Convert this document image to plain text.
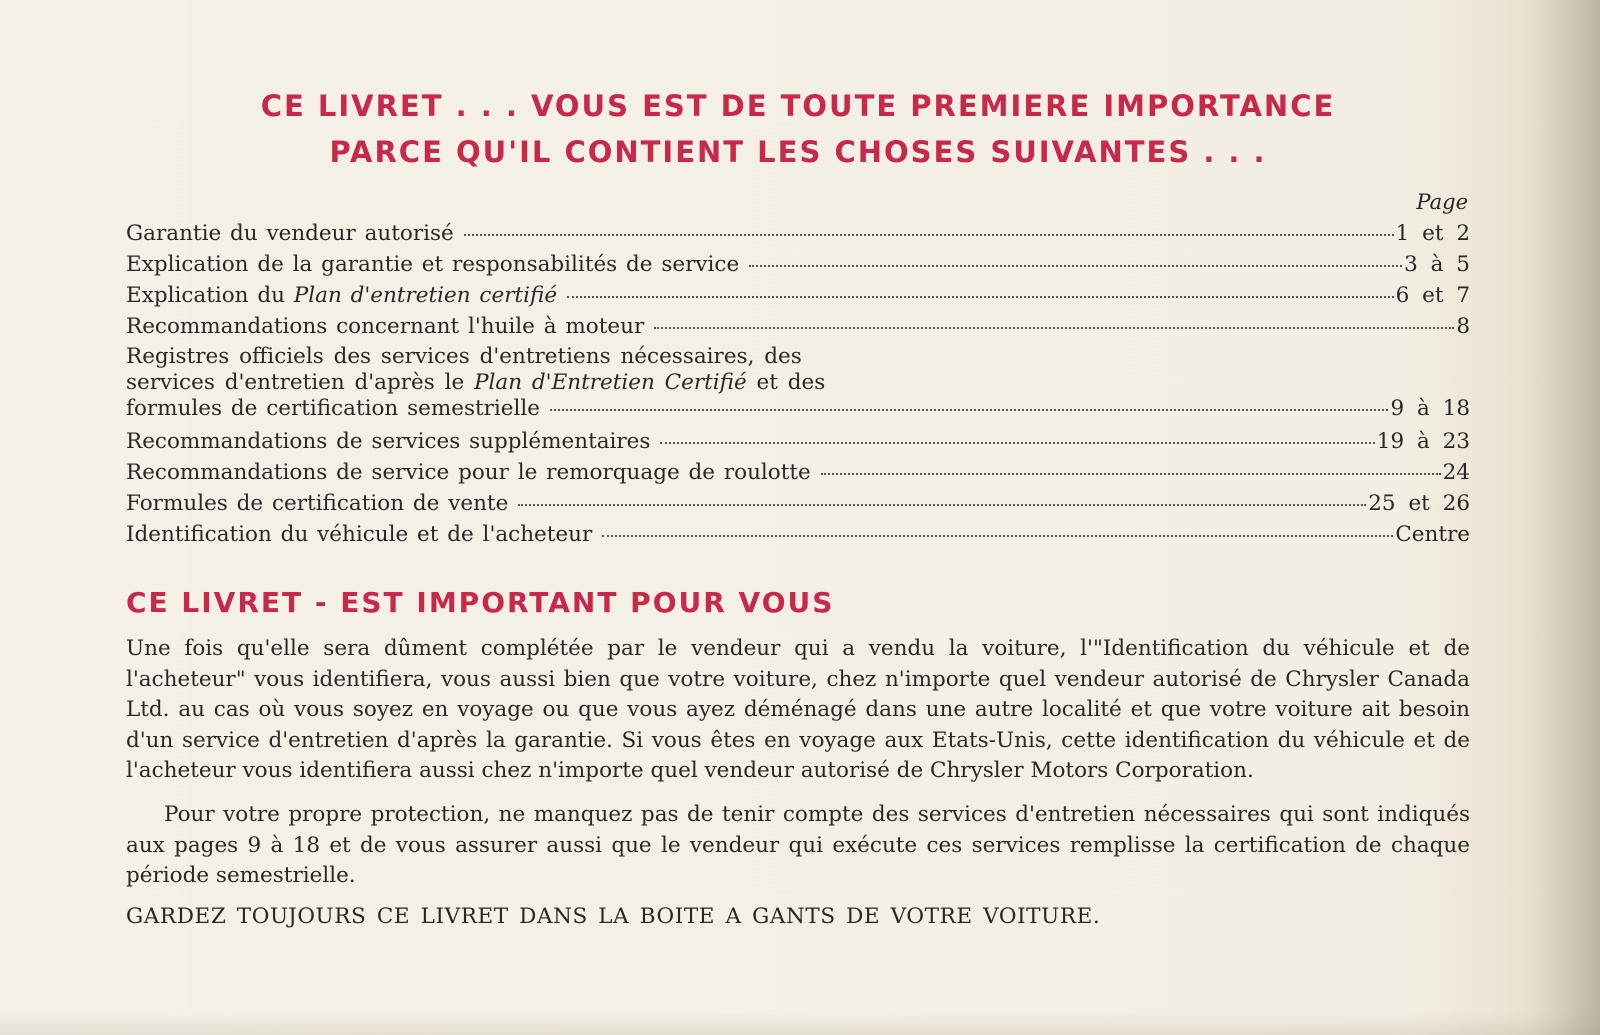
CE LIVRET . . . VOUS EST DE TOUTE PREMIERE IMPORTANCE
PARCE QU'IL CONTIENT LES CHOSES SUIVANTES . . .
Page
Garantie du vendeur autorisé	1 et 2
Explication de la garantie et responsabilités de service	3 à 5
Explication du Plan d'entretien certifié	6 et 7
Recommandations concernant l'huile à moteur	8
Registres officiels des services d'entretiens nécessaires, des
services d'entretien d'après le Plan d'Entretien Certifié et des
formules de certification semestrielle	9 à 18
Recommandations de services supplémentaires	19 à 23
Recommandations de service pour le remorquage de roulotte	24
Formules de certification de vente	25 et 26
Identification du véhicule et de l'acheteur	Centre
CE LIVRET - EST IMPORTANT POUR VOUS

Une fois qu'elle sera dûment complétée par le vendeur qui a vendu la voiture, l'"Identification du véhicule et de l'acheteur" vous identifiera, vous aussi bien que votre voiture, chez n'importe quel vendeur autorisé de Chrysler Canada Ltd. au cas où vous soyez en voyage ou que vous ayez déménagé dans une autre localité et que votre voiture ait besoin d'un service d'entretien d'après la garantie. Si vous êtes en voyage aux Etats-Unis, cette identification du véhicule et de l'acheteur vous identifiera aussi chez n'importe quel vendeur autorisé de Chrysler Motors Corporation.

Pour votre propre protection, ne manquez pas de tenir compte des services d'entretien nécessaires qui sont indiqués aux pages 9 à 18 et de vous assurer aussi que le vendeur qui exécute ces services remplisse la certification de chaque période semestrielle.

GARDEZ TOUJOURS CE LIVRET DANS LA BOITE A GANTS DE VOTRE VOITURE.
